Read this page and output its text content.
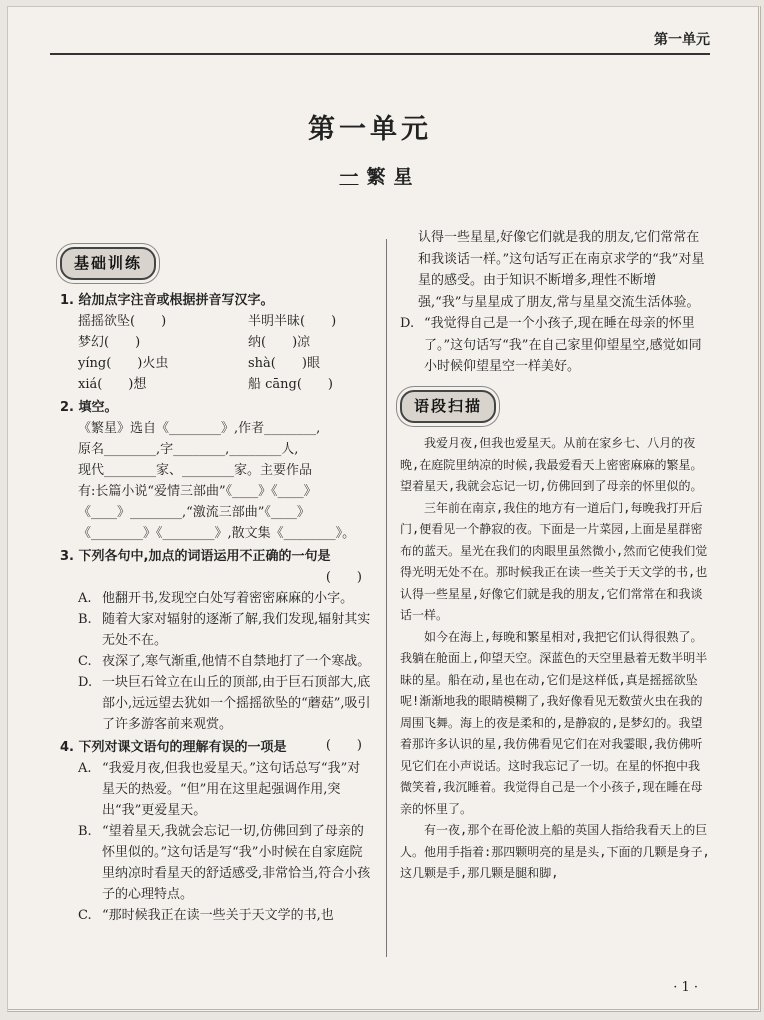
第一单元
第一单元
一 繁星
基础训练
1. 给加点字注音或根据拼音写汉字。
摇摇欲坠(　　)	半明半昧(　　)
梦幻(　　)	纳(　　)凉
yíng(　　)火虫	shà(　　)眼
xiá(　　)想	船 cāng(　　)
2. 填空。
《繁星》选自《________》,作者________,
原名________,字________,________人,
现代________家、________家。主要作品
有:长篇小说“爱情三部曲”《____》《____》
《____》________,“激流三部曲”《____》
《________》《________》,散文集《________》。
3. 下列各句中,加点的词语运用不正确的一句是
(　　)
A. 他翻开书,发现空白处写着密密麻麻的小字。
B. 随着大家对辐射的逐渐了解,我们发现,辐射其实无处不在。
C. 夜深了,寒气渐重,他情不自禁地打了一个寒战。
D. 一块巨石耸立在山丘的顶部,由于巨石顶部大,底部小,远远望去犹如一个摇摇欲坠的“蘑菇”,吸引了许多游客前来观赏。
4. 下列对课文语句的理解有误的一项是	(　　)
A. “我爱月夜,但我也爱星天。”这句话总写“我”对星天的热爱。“但”用在这里起强调作用,突出“我”更爱星天。
B. “望着星天,我就会忘记一切,仿佛回到了母亲的怀里似的。”这句话是写“我”小时候在自家庭院里纳凉时看星天的舒适感受,非常恰当,符合小孩子的心理特点。
C. “那时候我正在读一些关于天文学的书,也
认得一些星星,好像它们就是我的朋友,它们常常在和我谈话一样。”这句话写正在南京求学的“我”对星星的感受。由于知识不断增多,理性不断增强,“我”与星星成了朋友,常与星星交流生活体验。
D. “我觉得自己是一个小孩子,现在睡在母亲的怀里了。”这句话写“我”在自己家里仰望星空,感觉如同小时候仰望星空一样美好。
语段扫描

我爱月夜,但我也爱星天。从前在家乡七、八月的夜晚,在庭院里纳凉的时候,我最爱看天上密密麻麻的繁星。望着星天,我就会忘记一切,仿佛回到了母亲的怀里似的。

三年前在南京,我住的地方有一道后门,每晚我打开后门,便看见一个静寂的夜。下面是一片菜园,上面是星群密布的蓝天。星光在我们的肉眼里虽然微小,然而它使我们觉得光明无处不在。那时候我正在读一些关于天文学的书,也认得一些星星,好像它们就是我的朋友,它们常常在和我谈话一样。

如今在海上,每晚和繁星相对,我把它们认得很熟了。我躺在舱面上,仰望天空。深蓝色的天空里悬着无数半明半昧的星。船在动,星也在动,它们是这样低,真是摇摇欲坠呢!渐渐地我的眼睛模糊了,我好像看见无数萤火虫在我的周围飞舞。海上的夜是柔和的,是静寂的,是梦幻的。我望着那许多认识的星,我仿佛看见它们在对我霎眼,我仿佛听见它们在小声说话。这时我忘记了一切。在星的怀抱中我微笑着,我沉睡着。我觉得自己是一个小孩子,现在睡在母亲的怀里了。

有一夜,那个在哥伦波上船的英国人指给我看天上的巨人。他用手指着:那四颗明亮的星是头,下面的几颗是身子,这几颗是手,那几颗是腿和脚,

· 1 ·
